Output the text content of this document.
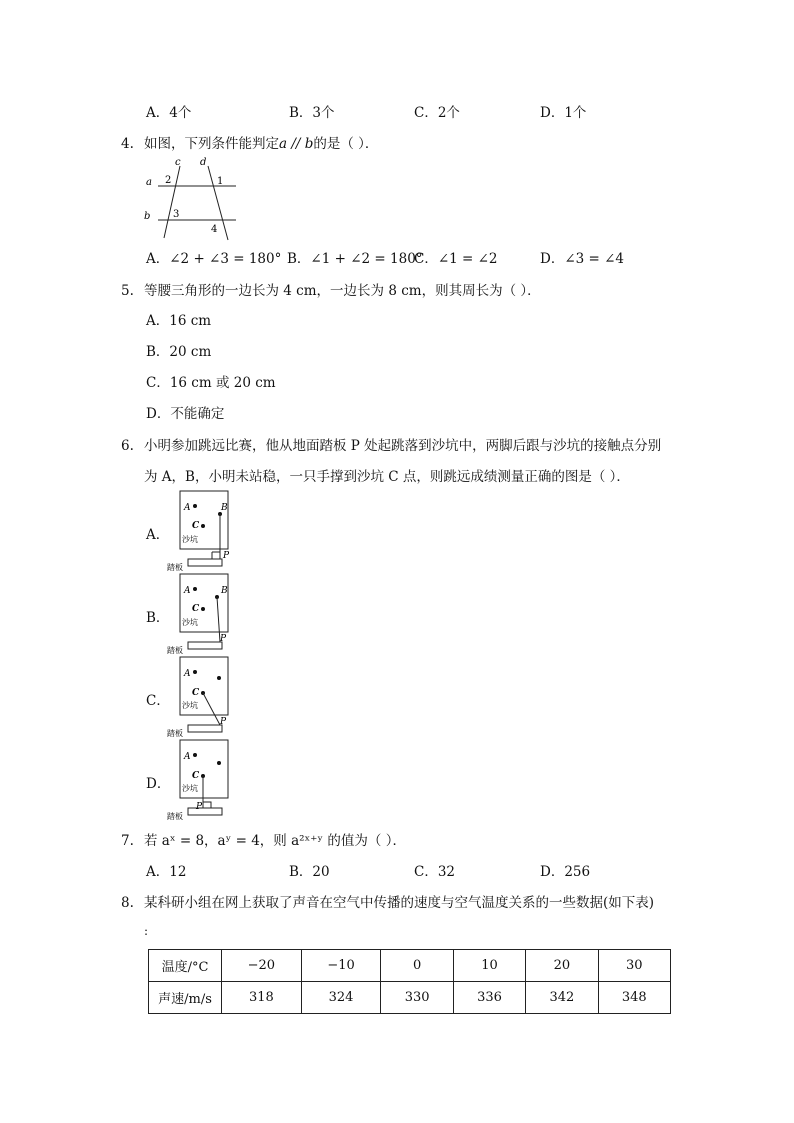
A．4个	B．3个	C．2个	D．1个
4. 如图，下列条件能判定a // b的是（ ）．
c d
a
b
2	1
3
4
A．∠2 + ∠3 = 180° B．∠1 + ∠2 = 180°
C．∠1 = ∠2	D．∠3 = ∠4
5. 等腰三角形的一边长为 4 cm，一边长为 8 cm，则其周长为（ ）．
A．16 cm
B．20 cm
C．16 cm 或 20 cm
D．不能确定
6. 小明参加跳远比赛，他从地面踏板 P 处起跳落到沙坑中，两脚后跟与沙坑的接触点分别
为 A，B，小明未站稳，一只手撑到沙坑 C 点，则跳远成绩测量正确的图是（ ）．
A．
B．
C．
D．
A	B
C
沙坑
P
踏板
A	B
C
沙坑
P
踏板
A
C
沙坑
P
踏板
A
C
沙坑
P
踏板
7. 若 aˣ = 8，aʸ = 4，则 a²ˣ⁺ʸ 的值为（ ）．
A．12	B．20	C．32	D．256
8. 某科研小组在网上获取了声音在空气中传播的速度与空气温度关系的一些数据(如下表)
:
温度/°C	−20	−10	0	10	20	30
声速/m/s	318	324	330	336	342	348
